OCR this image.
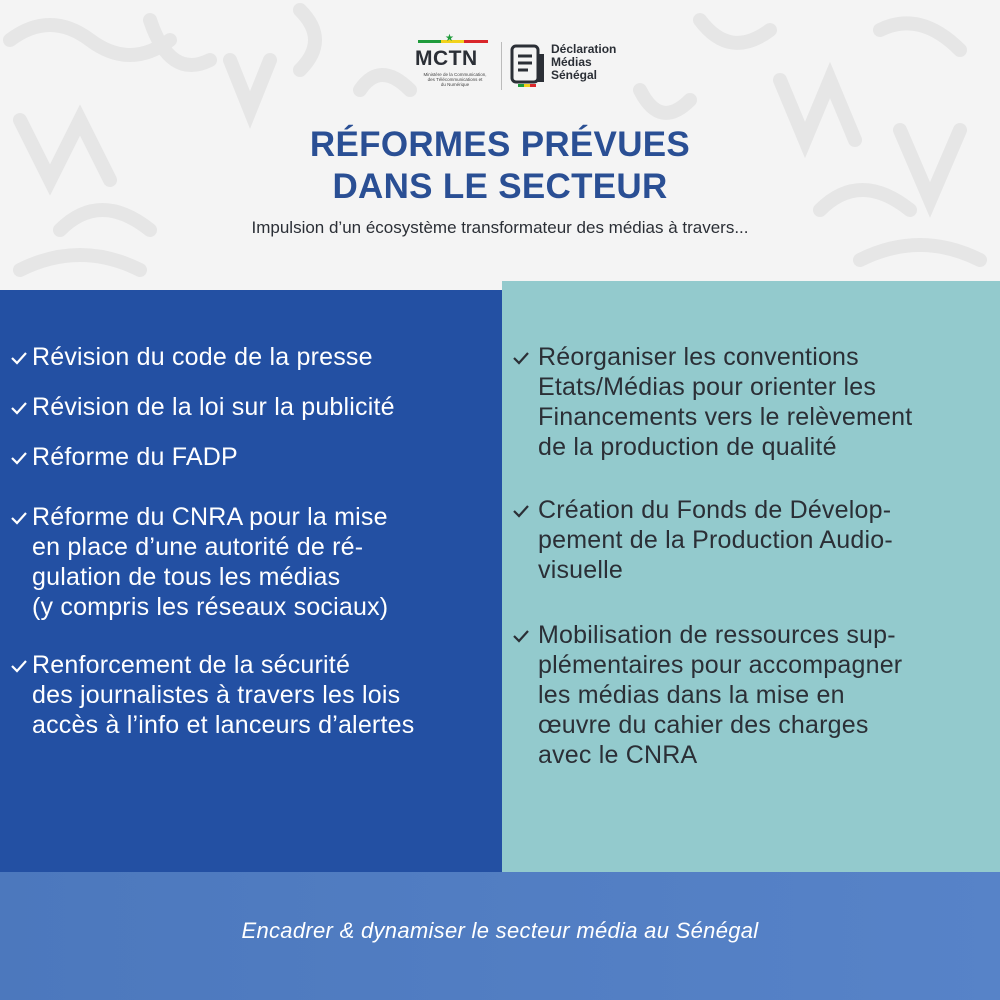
★
MCTN
Ministère de la Communication,
des Télécommunications et
du Numérique
Déclaration
Médias
Sénégal
RÉFORMES PRÉVUES
DANS LE SECTEUR
Impulsion d’un écosystème transformateur des médias à travers...
Révision du code de la presse
Révision de la loi sur la publicité
Réforme du FADP
Réforme du CNRA pour la mise
en place d’une autorité de ré-
gulation de tous les médias
(y compris les réseaux sociaux)
Renforcement de la sécurité
des journalistes à travers les lois
accès à l’info et lanceurs d’alertes
Réorganiser les conventions
Etats/Médias pour orienter les
Financements vers le relèvement
de la production de qualité
Création du Fonds de Dévelop-
pement de la Production Audio-
visuelle
Mobilisation de ressources sup-
plémentaires pour accompagner
les médias dans la mise en
œuvre du cahier des charges
avec le CNRA
Encadrer & dynamiser le secteur média au Sénégal
